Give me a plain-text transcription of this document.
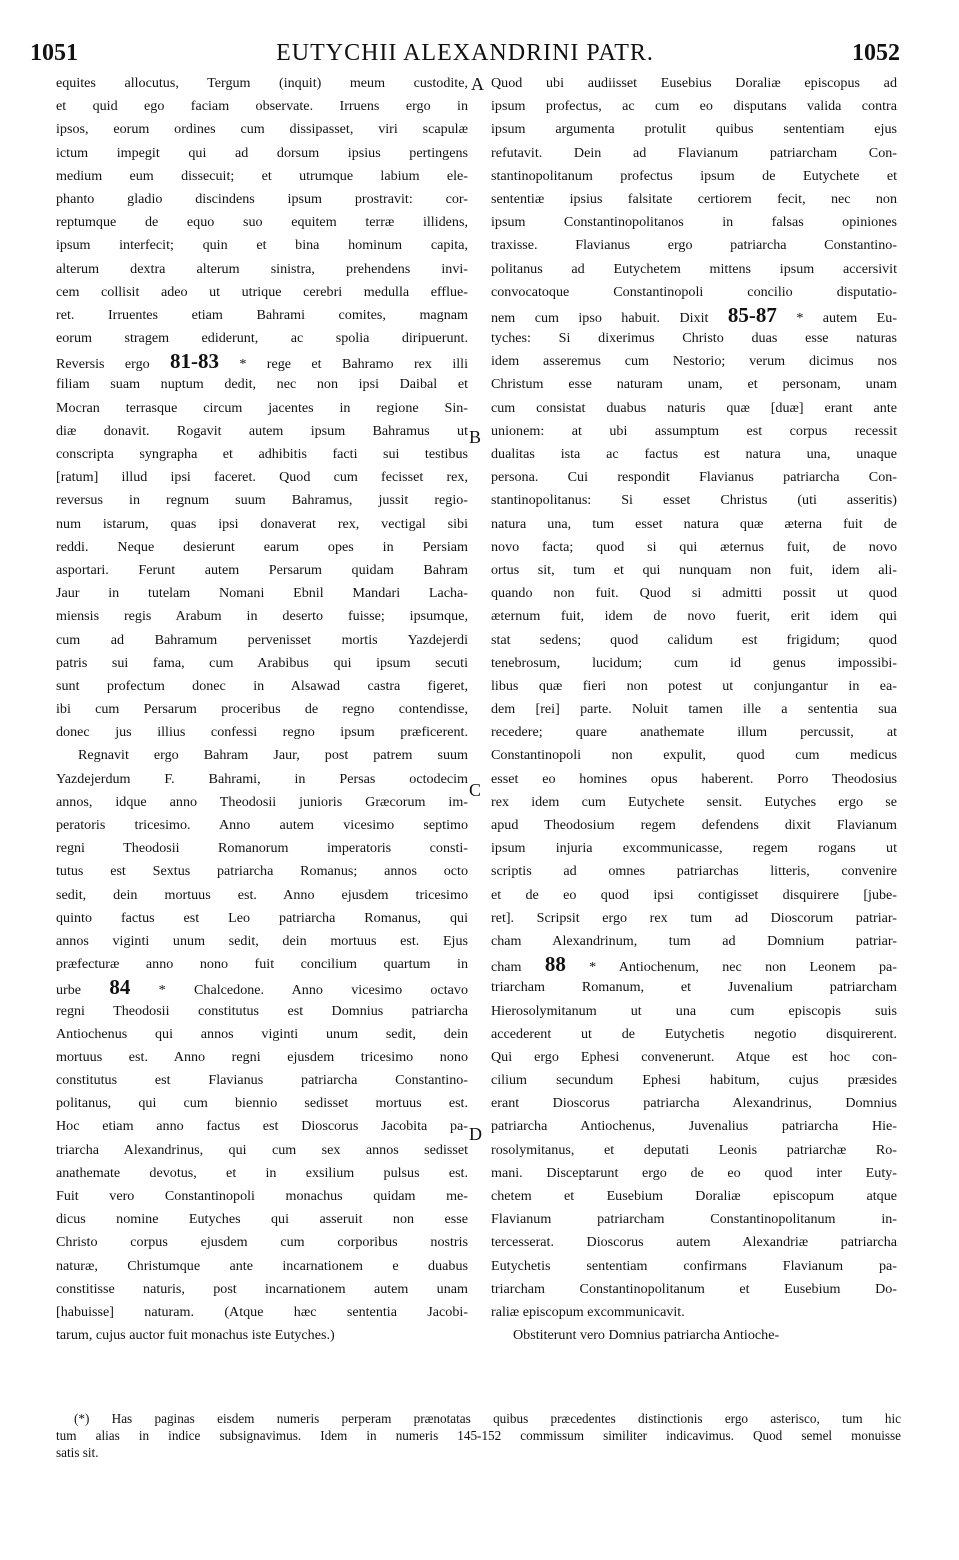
1051	EUTYCHII ALEXANDRINI PATR.	1052
A
B
C
D
equites allocutus, Tergum (inquit) meum custodite,
et quid ego faciam observate. Irruens ergo in
ipsos, eorum ordines cum dissipasset, viri scapulæ
ictum impegit qui ad dorsum ipsius pertingens
medium eum dissecuit; et utrumque labium ele-
phanto gladio discindens ipsum prostravit: cor-
reptumque de equo suo equitem terræ illidens,
ipsum interfecit; quin et bina hominum capita,
alterum dextra alterum sinistra, prehendens invi-
cem collisit adeo ut utrique cerebri medulla efflue-
ret. Irruentes etiam Bahrami comites, magnam
eorum stragem ediderunt, ac spolia diripuerunt.
Reversis ergo 81-83 * rege et Bahramo rex illi
filiam suam nuptum dedit, nec non ipsi Daibal et
Mocran terrasque circum jacentes in regione Sin-
diæ donavit. Rogavit autem ipsum Bahramus ut
conscripta syngrapha et adhibitis facti sui testibus
[ratum] illud ipsi faceret. Quod cum fecisset rex,
reversus in regnum suum Bahramus, jussit regio-
num istarum, quas ipsi donaverat rex, vectigal sibi
reddi. Neque desierunt earum opes in Persiam
asportari. Ferunt autem Persarum quidam Bahram
Jaur in tutelam Nomani Ebnil Mandari Lacha-
miensis regis Arabum in deserto fuisse; ipsumque,
cum ad Bahramum pervenisset mortis Yazdejerdi
patris sui fama, cum Arabibus qui ipsum secuti
sunt profectum donec in Alsawad castra figeret,
ibi cum Persarum proceribus de regno contendisse,
donec jus illius confessi regno ipsum præficerent.
Regnavit ergo Bahram Jaur, post patrem suum
Yazdejerdum F. Bahrami, in Persas octodecim
annos, idque anno Theodosii junioris Græcorum im-
peratoris tricesimo. Anno autem vicesimo septimo
regni Theodosii Romanorum imperatoris consti-
tutus est Sextus patriarcha Romanus; annos octo
sedit, dein mortuus est. Anno ejusdem tricesimo
quinto factus est Leo patriarcha Romanus, qui
annos viginti unum sedit, dein mortuus est. Ejus
præfecturæ anno nono fuit concilium quartum in
urbe 84 * Chalcedone. Anno vicesimo octavo
regni Theodosii constitutus est Domnius patriarcha
Antiochenus qui annos viginti unum sedit, dein
mortuus est. Anno regni ejusdem tricesimo nono
constitutus est Flavianus patriarcha Constantino-
politanus, qui cum biennio sedisset mortuus est.
Hoc etiam anno factus est Dioscorus Jacobita pa-
triarcha Alexandrinus, qui cum sex annos sedisset
anathemate devotus, et in exsilium pulsus est.
Fuit vero Constantinopoli monachus quidam me-
dicus nomine Eutyches qui asseruit non esse
Christo corpus ejusdem cum corporibus nostris
naturæ, Christumque ante incarnationem e duabus
constitisse naturis, post incarnationem autem unam
[habuisse] naturam. (Atque hæc sententia Jacobi-
tarum, cujus auctor fuit monachus iste Eutyches.)
Quod ubi audiisset Eusebius Doraliæ episcopus ad
ipsum profectus, ac cum eo disputans valida contra
ipsum argumenta protulit quibus sententiam ejus
refutavit. Dein ad Flavianum patriarcham Con-
stantinopolitanum profectus ipsum de Eutychete et
sententiæ ipsius falsitate certiorem fecit, nec non
ipsum Constantinopolitanos in falsas opiniones
traxisse. Flavianus ergo patriarcha Constantino-
politanus ad Eutychetem mittens ipsum accersivit
convocatoque Constantinopoli concilio disputatio-
nem cum ipso habuit. Dixit 85-87 * autem Eu-
tyches: Si dixerimus Christo duas esse naturas
idem asseremus cum Nestorio; verum dicimus nos
Christum esse naturam unam, et personam, unam
cum consistat duabus naturis quæ [duæ] erant ante
unionem: at ubi assumptum est corpus recessit
dualitas ista ac factus est natura una, unaque
persona. Cui respondit Flavianus patriarcha Con-
stantinopolitanus: Si esset Christus (uti asseritis)
natura una, tum esset natura quæ æterna fuit de
novo facta; quod si qui æternus fuit, de novo
ortus sit, tum et qui nunquam non fuit, idem ali-
quando non fuit. Quod si admitti possit ut quod
æternum fuit, idem de novo fuerit, erit idem qui
stat sedens; quod calidum est frigidum; quod
tenebrosum, lucidum; cum id genus impossibi-
libus quæ fieri non potest ut conjungantur in ea-
dem [rei] parte. Noluit tamen ille a sententia sua
recedere; quare anathemate illum percussit, at
Constantinopoli non expulit, quod cum medicus
esset eo homines opus haberent. Porro Theodosius
rex idem cum Eutychete sensit. Eutyches ergo se
apud Theodosium regem defendens dixit Flavianum
ipsum injuria excommunicasse, regem rogans ut
scriptis ad omnes patriarchas litteris, convenire
et de eo quod ipsi contigisset disquirere [jube-
ret]. Scripsit ergo rex tum ad Dioscorum patriar-
cham Alexandrinum, tum ad Domnium patriar-
cham 88 * Antiochenum, nec non Leonem pa-
triarcham Romanum, et Juvenalium patriarcham
Hierosolymitanum ut una cum episcopis suis
accederent ut de Eutychetis negotio disquirerent.
Qui ergo Ephesi convenerunt. Atque est hoc con-
cilium secundum Ephesi habitum, cujus præsides
erant Dioscorus patriarcha Alexandrinus, Domnius
patriarcha Antiochenus, Juvenalius patriarcha Hie-
rosolymitanus, et deputati Leonis patriarchæ Ro-
mani. Disceptarunt ergo de eo quod inter Euty-
chetem et Eusebium Doraliæ episcopum atque
Flavianum patriarcham Constantinopolitanum in-
tercesserat. Dioscorus autem Alexandriæ patriarcha
Eutychetis sententiam confirmans Flavianum pa-
triarcham Constantinopolitanum et Eusebium Do-
raliæ episcopum excommunicavit.
Obstiterunt vero Domnius patriarcha Antioche-
(*) Has paginas eisdem numeris perperam prænotatas quibus præcedentes distinctionis ergo asterisco, tum hic
tum alias in indice subsignavimus. Idem in numeris 145-152 commissum similiter indicavimus. Quod semel monuisse
satis sit.
